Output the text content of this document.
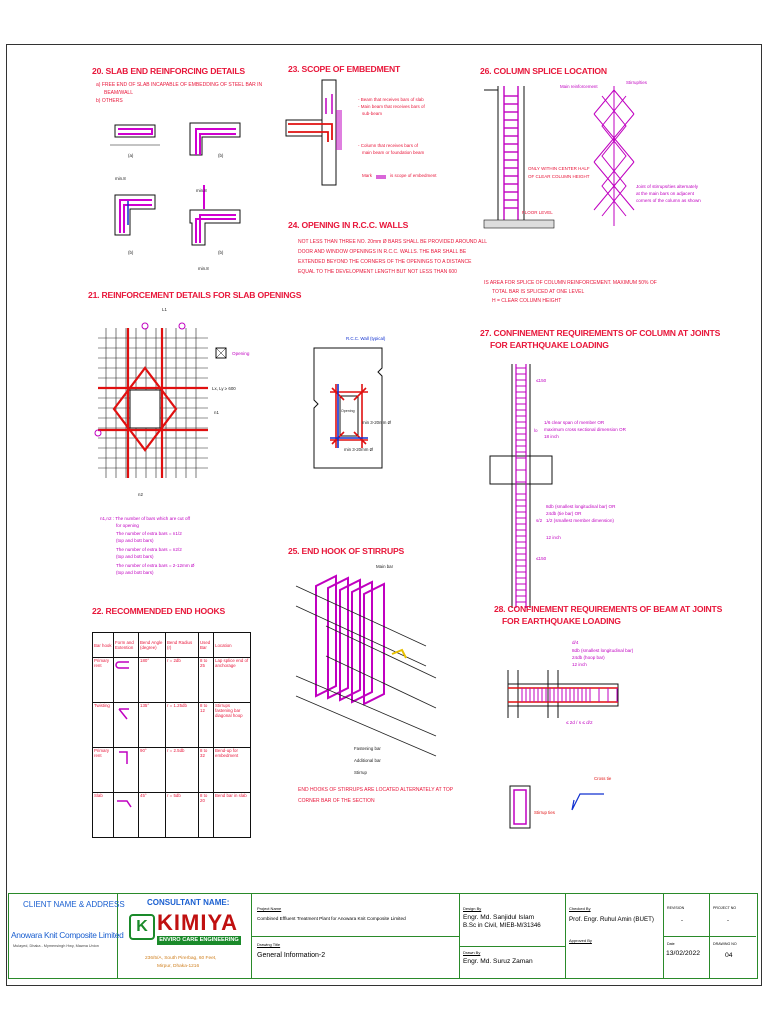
20. SLAB END REINFORCING DETAILS
a) FREE END OF SLAB INCAPABLE OF EMBEDDING OF STEEL BAR IN
BEAM/WALL
b) OTHERS
(a)	(b)
(b)	(b)
min.8
min.8
min.8
21. REINFORCEMENT DETAILS FOR SLAB OPENINGS
Opening
L1
Lx, Ly ≥ 600
n1
n2
n1,n2 : The number of bars which are cut off
for opening
The number of extra bars = n1/2
(top and bott bars)
The number of extra bars = n2/2
(top and bott bars)
The number of extra bars = 2-12mm Ø
(top and bott bars)
22. RECOMMENDED END HOOKS
Bar hook	Form and Extention	Bend Angle (degree)	Bend Radius (r)	Used Bar	Location
Primary rent		180°	r = 2db	8 to 25	Lap splice end of anchorage
Twisting		135°	r = 1.25db	8 to 12	Stirrups fastening bar diagonal hoop
Primary rent		90°	r = 2.5db	8 to 32	Bend-up for embedment
Slab		45°	r = 5db	8 to 20	Bend bar in slab
23. SCOPE OF EMBEDMENT
- Beam that receives bars of slab
- Main beam that receives bars of
sub-beam
- Column that receives bars of
main beam or foundation beam
Mark	is scope of embedment
24. OPENING IN R.C.C. WALLS
NOT LESS THAN THREE NO. 20mm Ø BARS SHALL BE PROVIDED AROUND ALL
DOOR AND WINDOW OPENINGS IN R.C.C. WALLS. THE BAR SHALL BE
EXTENDED BEYOND THE CORNERS OF THE OPENINGS TO A DISTANCE
EQUAL TO THE DEVELOPMENT LENGTH BUT NOT LESS THAN 600
R.C.C. Wall (typical)
Opening
min 3-20mm Ø
min 3-20mm Ø
25. END HOOK OF STIRRUPS
Main bar
Fastening bar
Additional bar
Stirrup
END HOOKS OF STIRRUPS ARE LOCATED ALTERNATELY AT TOP
CORNER BAR OF THE SECTION
26. COLUMN SPLICE LOCATION
Main reinforcement
Stirrup/ties
ONLY WITHIN CENTER HALF
OF CLEAR COLUMN HEIGHT
FLOOR LEVEL
Joint of stirrups/ties alternately
at the main bars on adjacent
corners of the column as shown
IS AREA FOR SPLICE OF COLUMN REINFORCEMENT. MAXIMUM 50% OF
TOTAL BAR IS SPLICED AT ONE LEVEL
H = CLEAR COLUMN HEIGHT
27. CONFINEMENT REQUIREMENTS OF COLUMN AT JOINTS
FOR EARTHQUAKE LOADING
1/6 clear span of member OR
maximum cross sectional dimension OR
18 inch
8db (smallest longitudinal bar) OR
24db (tie bar) OR
1/2 (smallest member dimension)
12 inch
≤150
≤150
lo
s/2
28. CONFINEMENT REQUIREMENTS OF BEAM AT JOINTS
FOR EARTHQUAKE LOADING
d/4
8db (smallest longitudinal bar)
24db (hoop bar)
12 inch
≤ 2d / s ≤ d/2
Cross tie
Stirrup ties
CLIENT NAME & ADDRESS
Anowara Knit Composite Limited
Mulayed, Dhaka - Mymensingh Hwy, Mawna Union
CONSULTANT NAME:
K KIMIYA
ENVIRO CARE ENGINEERING
236/5/A, South Pirerbag, 60 Feet,
Mirpur, Dhaka-1216
Project Name
Combined Effluent Treatment Plant for Anowara Knit Composite Limited
Drawing Title
General Information-2
Design By
Engr. Md. Sanjidul Islam
B.Sc in Civil, MIEB-M/31346
Drawn By
Engr. Md. Suruz Zaman
Checked By
Prof. Engr. Ruhul Amin (BUET)
Approved By
REVISION
-
Date
13/02/2022
PROJECT NO
-
DRAWING NO
04
